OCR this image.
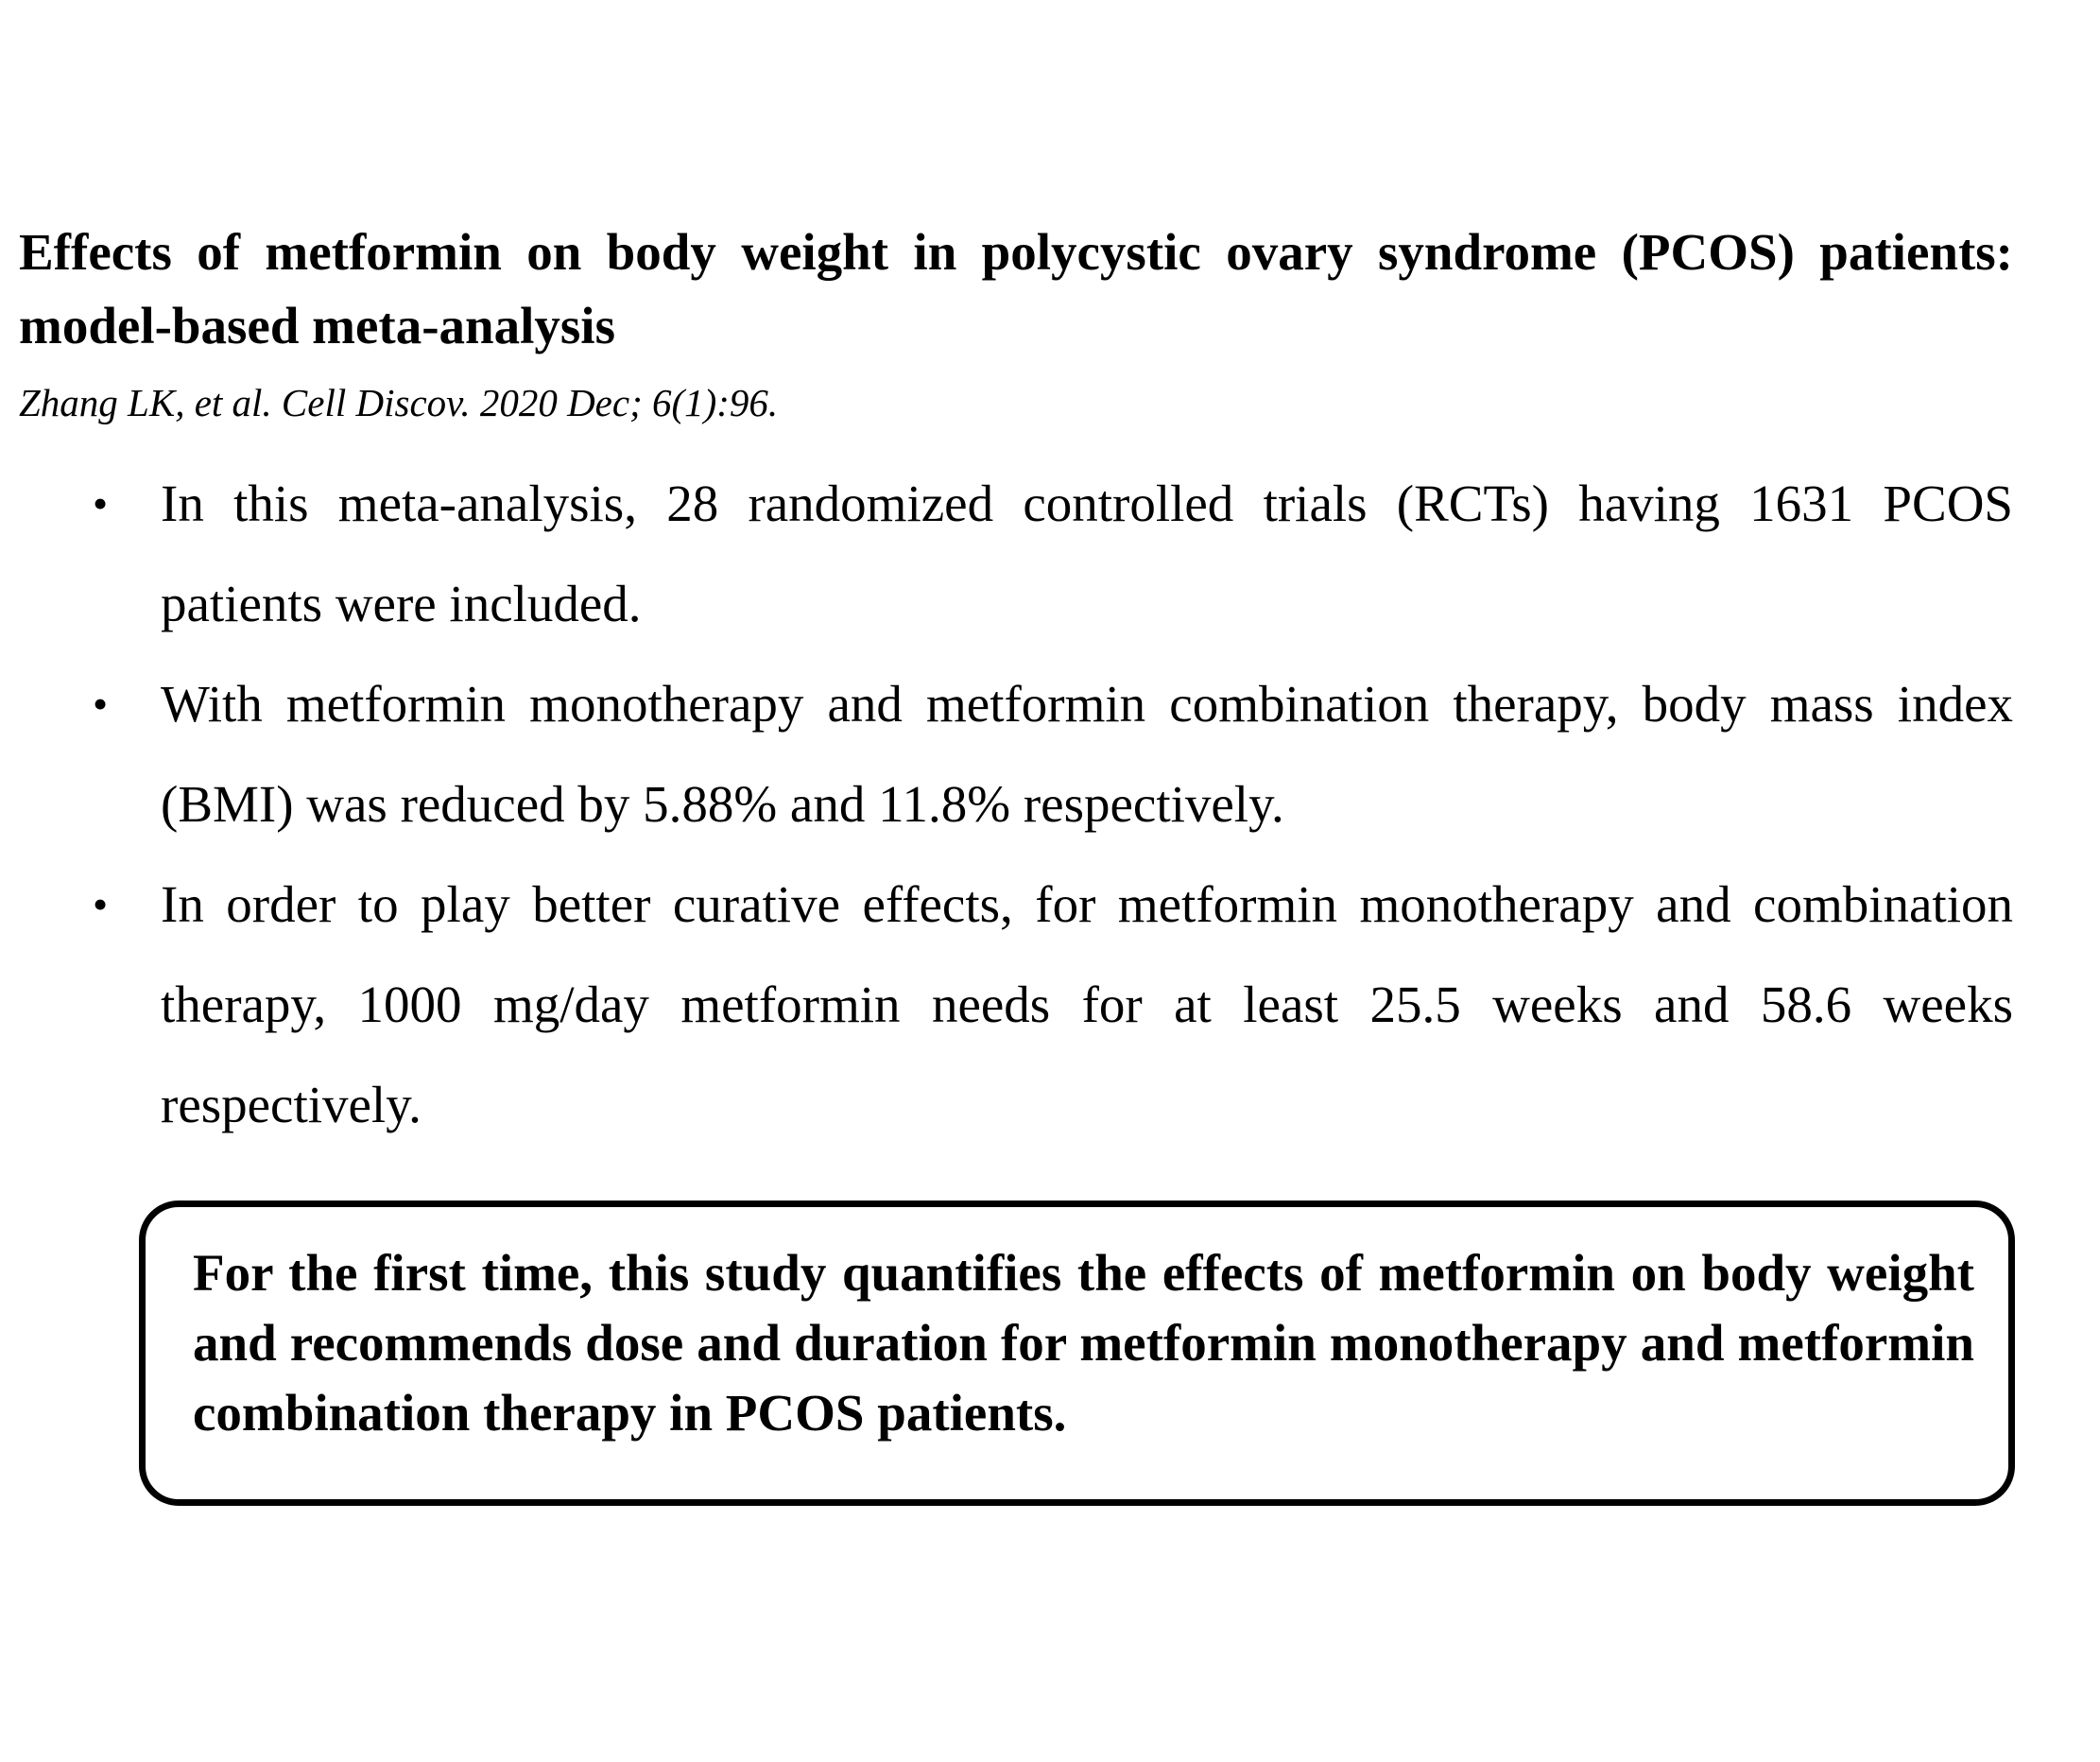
Effects of metformin on body weight in polycystic ovary syndrome (PCOS) patients: model-based meta-analysis

Zhang LK, et al. Cell Discov. 2020 Dec; 6(1):96.

• In this meta-analysis, 28 randomized controlled trials (RCTs) having 1631 PCOS patients were included.
• With metformin monotherapy and metformin combination therapy, body mass index (BMI) was reduced by 5.88% and 11.8% respectively.
• In order to play better curative effects, for metformin monotherapy and combination therapy, 1000 mg/day metformin needs for at least 25.5 weeks and 58.6 weeks respectively.

For the first time, this study quantifies the effects of metformin on body weight and recommends dose and duration for metformin monotherapy and metformin combination therapy in PCOS patients.
